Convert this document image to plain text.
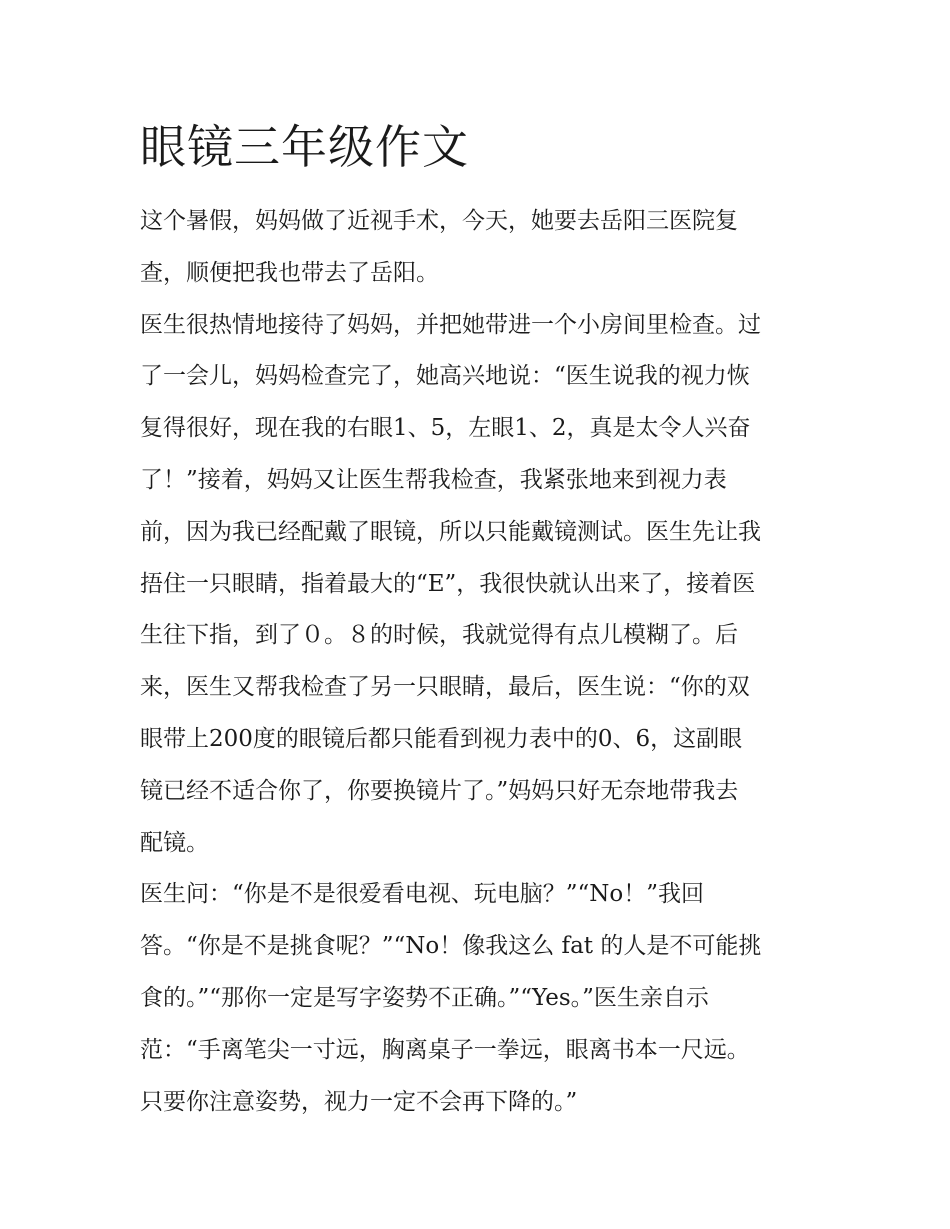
眼镜三年级作文
这个暑假，妈妈做了近视手术，今天，她要去岳阳三医院复
查，顺便把我也带去了岳阳。
医生很热情地接待了妈妈，并把她带进一个小房间里检查。过
了一会儿，妈妈检查完了，她高兴地说：“医生说我的视力恢
复得很好，现在我的右眼1、5，左眼1、2，真是太令人兴奋
了！”接着，妈妈又让医生帮我检查，我紧张地来到视力表
前，因为我已经配戴了眼镜，所以只能戴镜测试。医生先让我
捂住一只眼睛，指着最大的“E”，我很快就认出来了，接着医
生往下指，到了０。８的时候，我就觉得有点儿模糊了。后
来，医生又帮我检查了另一只眼睛，最后，医生说：“你的双
眼带上200度的眼镜后都只能看到视力表中的0、6，这副眼
镜已经不适合你了，你要换镜片了。”妈妈只好无奈地带我去
配镜。
医生问：“你是不是很爱看电视、玩电脑？”“No！”我回
答。“你是不是挑食呢？”“No！像我这么 fat 的人是不可能挑
食的。”“那你一定是写字姿势不正确。”“Yes。”医生亲自示
范：“手离笔尖一寸远，胸离桌子一拳远，眼离书本一尺远。
只要你注意姿势，视力一定不会再下降的。”
